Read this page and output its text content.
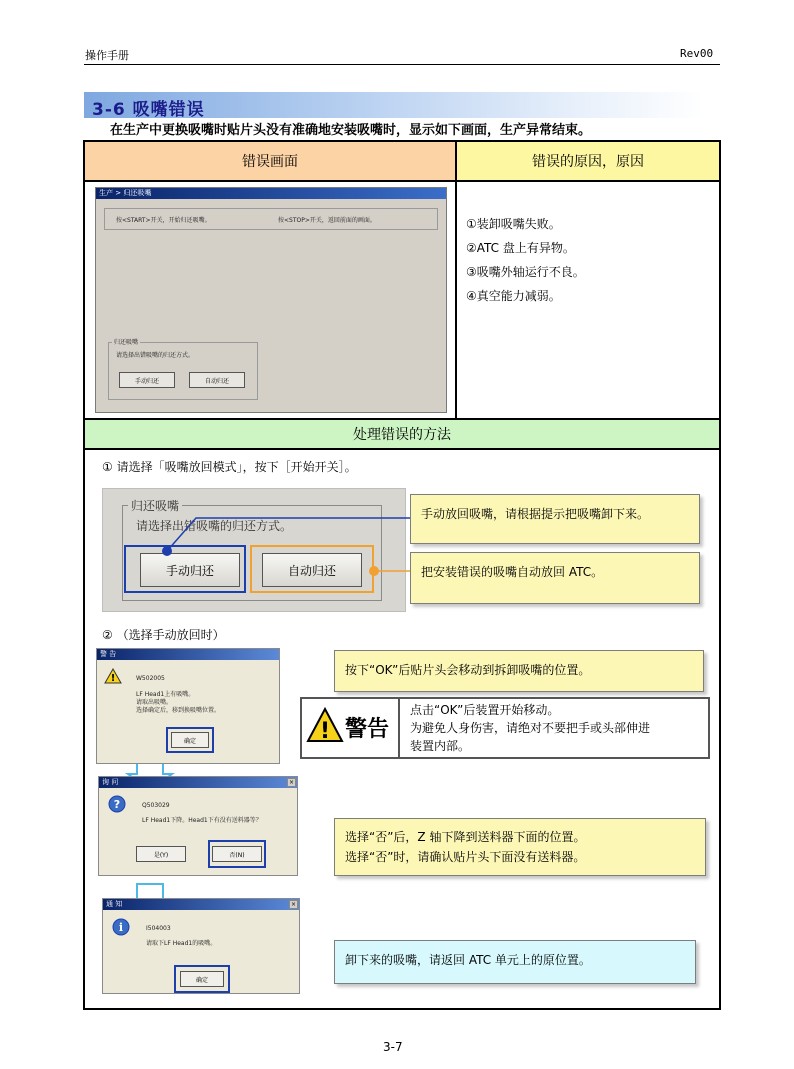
操作手册	Rev00
3-6 吸嘴错误
在生产中更换吸嘴时贴片头没有准确地安装吸嘴时，显示如下画面，生产异常结束。
错误画面	错误的原因，原因
处理错误的方法
生产 > 归还吸嘴
按<START>开关，开始归还吸嘴。	按<STOP>开关，返回前面的画面。
归还吸嘴
请选择出错吸嘴的归还方式。
手动归还	自动归还
①装卸吸嘴失败。
②ATC 盘上有异物。
③吸嘴外轴运行不良。
④真空能力减弱。
① 请选择「吸嘴放回模式」，按下［开始开关］。
归还吸嘴
请选择出错吸嘴的归还方式。
手动归还	自动归还
手动放回吸嘴，请根据提示把吸嘴卸下来。
把安装错误的吸嘴自动放回 ATC。
② （选择手动放回时）
警 告
!	W502005
LF Head1上有吸嘴。
请取出吸嘴。
选择确定后，移到换吸嘴位置。
确定
按下“OK”后贴片头会移动到拆卸吸嘴的位置。
! 警告
点击“OK”后装置开始移动。
为避免人身伤害，请绝对不要把手或头部伸进
装置内部。
询 问	×
?	Q503029
LF Head1下降。Head1下有没有送料器等？
是(Y)	否(N)
选择“否”后，Z 轴下降到送料器下面的位置。
选择“否”时，请确认贴片头下面没有送料器。
通 知	×
i	I504003
请取下LF Head1的吸嘴。
确定
卸下来的吸嘴，请返回 ATC 单元上的原位置。
3-7
